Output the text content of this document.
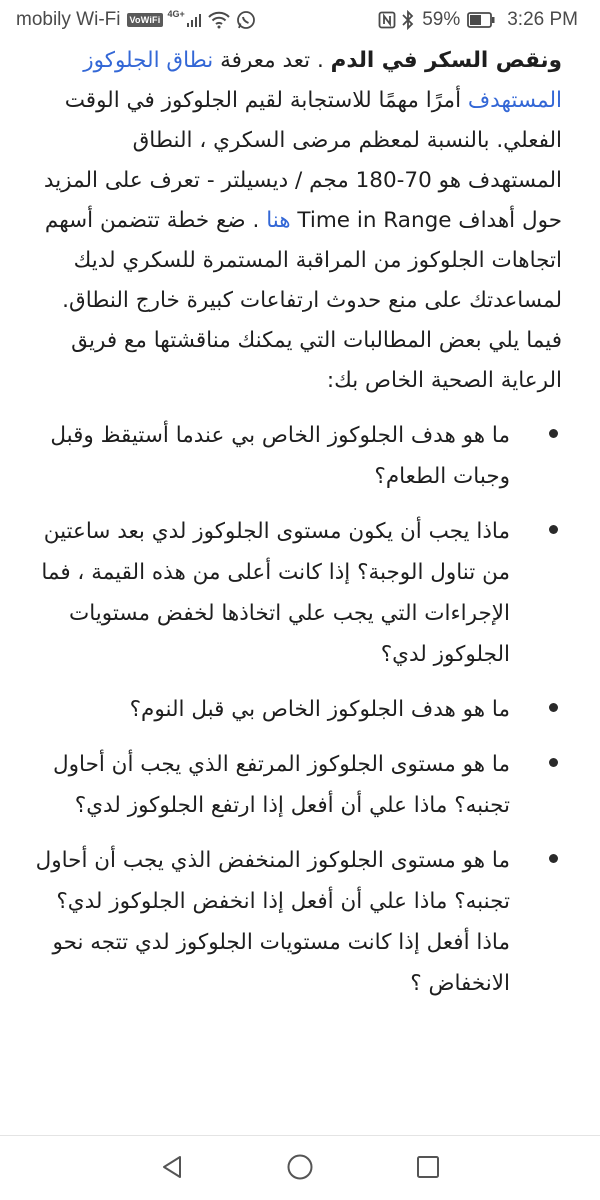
mobily Wi-Fi	VoWiFi
4G+	59% 3:26 PM

ونقص السكر في الدم . تعد معرفة نطاق الجلوكوز المستهدف أمرًا مهمًا للاستجابة لقيم الجلوكوز في الوقت الفعلي. بالنسبة لمعظم مرضى السكري ، النطاق المستهدف هو 70-180 مجم / ديسيلتر - تعرف على المزيد حول أهداف Time in Range هنا . ضع خطة تتضمن أسهم اتجاهات الجلوكوز من المراقبة المستمرة للسكري لديك لمساعدتك على منع حدوث ارتفاعات كبيرة خارج النطاق. فيما يلي بعض المطالبات التي يمكنك مناقشتها مع فريق الرعاية الصحية الخاص بك:

ما هو هدف الجلوكوز الخاص بي عندما أستيقظ وقبل وجبات الطعام؟
ماذا يجب أن يكون مستوى الجلوكوز لدي بعد ساعتين من تناول الوجبة؟ إذا كانت أعلى من هذه القيمة ، فما الإجراءات التي يجب علي اتخاذها لخفض مستويات الجلوكوز لدي؟
ما هو هدف الجلوكوز الخاص بي قبل النوم؟
ما هو مستوى الجلوكوز المرتفع الذي يجب أن أحاول تجنبه؟ ماذا علي أن أفعل إذا ارتفع الجلوكوز لدي؟
ما هو مستوى الجلوكوز المنخفض الذي يجب أن أحاول تجنبه؟ ماذا علي أن أفعل إذا انخفض الجلوكوز لدي؟ ماذا أفعل إذا كانت مستويات الجلوكوز لدي تتجه نحو الانخفاض ؟
